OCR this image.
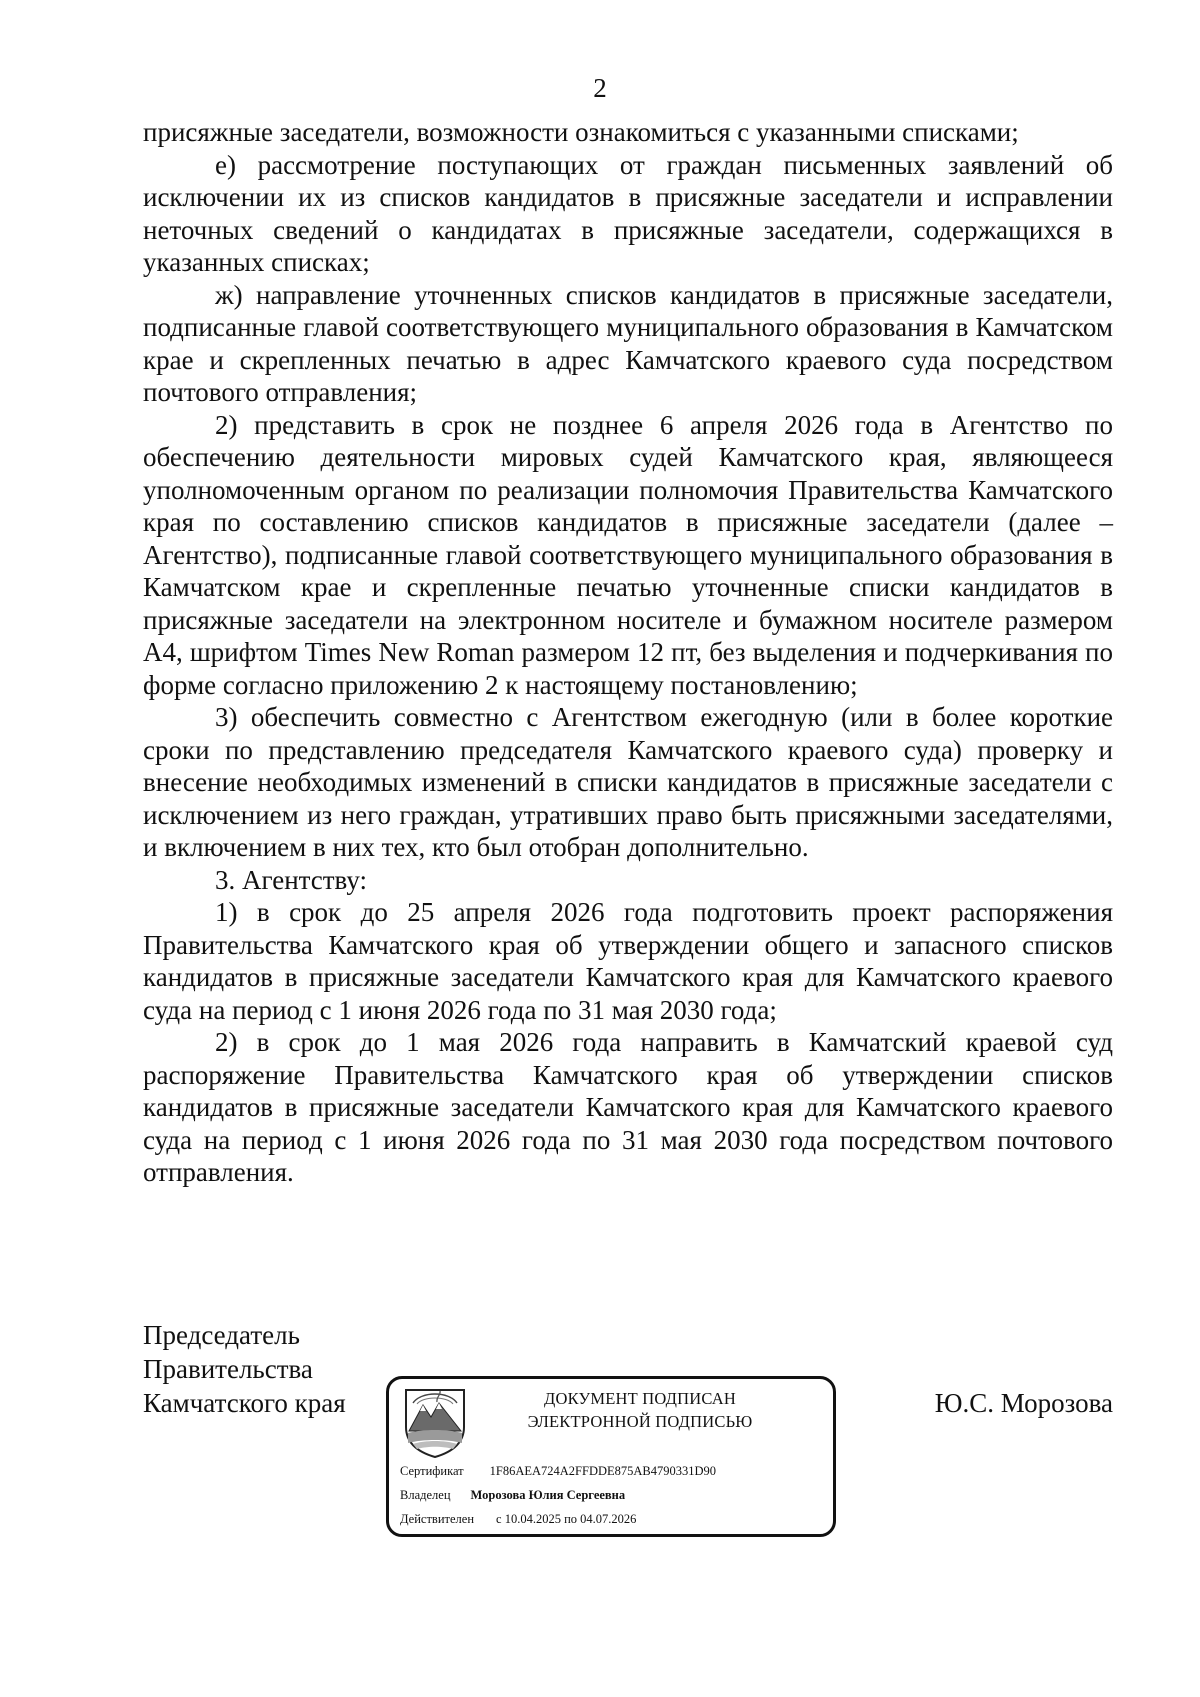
2

присяжные заседатели, возможности ознакомиться с указанными списками;

е) рассмотрение поступающих от граждан письменных заявлений об исключении их из списков кандидатов в присяжные заседатели и исправлении неточных сведений о кандидатах в присяжные заседатели, содержащихся в указанных списках;

ж) направление уточненных списков кандидатов в присяжные заседатели, подписанные главой соответствующего муниципального образования в Камчатском крае и скрепленных печатью в адрес Камчатского краевого суда посредством почтового отправления;

2) представить в срок не позднее 6 апреля 2026 года в Агентство по обеспечению деятельности мировых судей Камчатского края, являющееся уполномоченным органом по реализации полномочия Правительства Камчатского края по составлению списков кандидатов в присяжные заседатели (далее – Агентство), подписанные главой соответствующего муниципального образования в Камчатском крае и скрепленные печатью уточненные списки кандидатов в присяжные заседатели на электронном носителе и бумажном носителе размером А4, шрифтом Times New Roman размером 12 пт, без выделения и подчеркивания по форме согласно приложению 2 к настоящему постановлению;

3) обеспечить совместно с Агентством ежегодную (или в более короткие сроки по представлению председателя Камчатского краевого суда) проверку и внесение необходимых изменений в списки кандидатов в присяжные заседатели с исключением из него граждан, утративших право быть присяжными заседателями, и включением в них тех, кто был отобран дополнительно.

3. Агентству:

1) в срок до 25 апреля 2026 года подготовить проект распоряжения Правительства Камчатского края об утверждении общего и запасного списков кандидатов в присяжные заседатели Камчатского края для Камчатского краевого суда на период с 1 июня 2026 года по 31 мая 2030 года;

2) в срок до 1 мая 2026 года направить в Камчатский краевой суд распоряжение Правительства Камчатского края об утверждении списков кандидатов в присяжные заседатели Камчатского края для Камчатского краевого суда на период с 1 июня 2026 года по 31 мая 2030 года посредством почтового отправления.

Председатель
Правительства
Камчатского края	Ю.С. Морозова
ДОКУМЕНТ ПОДПИСАН
ЭЛЕКТРОННОЙ ПОДПИСЬЮ
Сертификат 1F86AEA724A2FFDDE875AB4790331D90
Владелец Морозова Юлия Сергеевна
Действителен с 10.04.2025 по 04.07.2026
